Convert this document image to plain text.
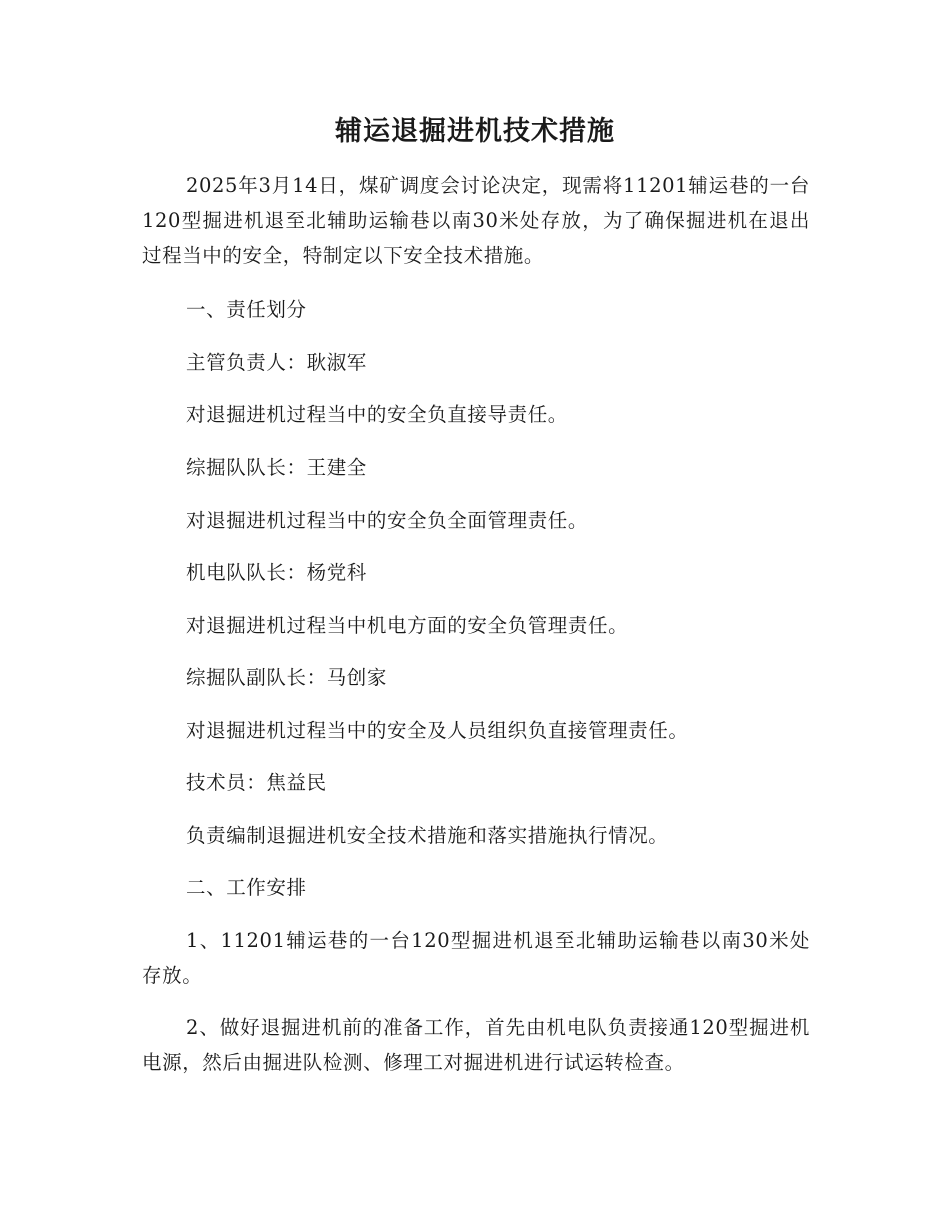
辅运退掘进机技术措施

2025年3月14日，煤矿调度会讨论决定，现需将11201辅运巷的一台120型掘进机退至北辅助运输巷以南30米处存放，为了确保掘进机在退出过程当中的安全，特制定以下安全技术措施。

一、责任划分

主管负责人：耿淑军

对退掘进机过程当中的安全负直接导责任。

综掘队队长：王建全

对退掘进机过程当中的安全负全面管理责任。

机电队队长：杨党科

对退掘进机过程当中机电方面的安全负管理责任。

综掘队副队长：马创家

对退掘进机过程当中的安全及人员组织负直接管理责任。

技术员：焦益民

负责编制退掘进机安全技术措施和落实措施执行情况。

二、工作安排

1、11201辅运巷的一台120型掘进机退至北辅助运输巷以南30米处存放。

2、做好退掘进机前的准备工作，首先由机电队负责接通120型掘进机电源，然后由掘进队检测、修理工对掘进机进行试运转检查。
